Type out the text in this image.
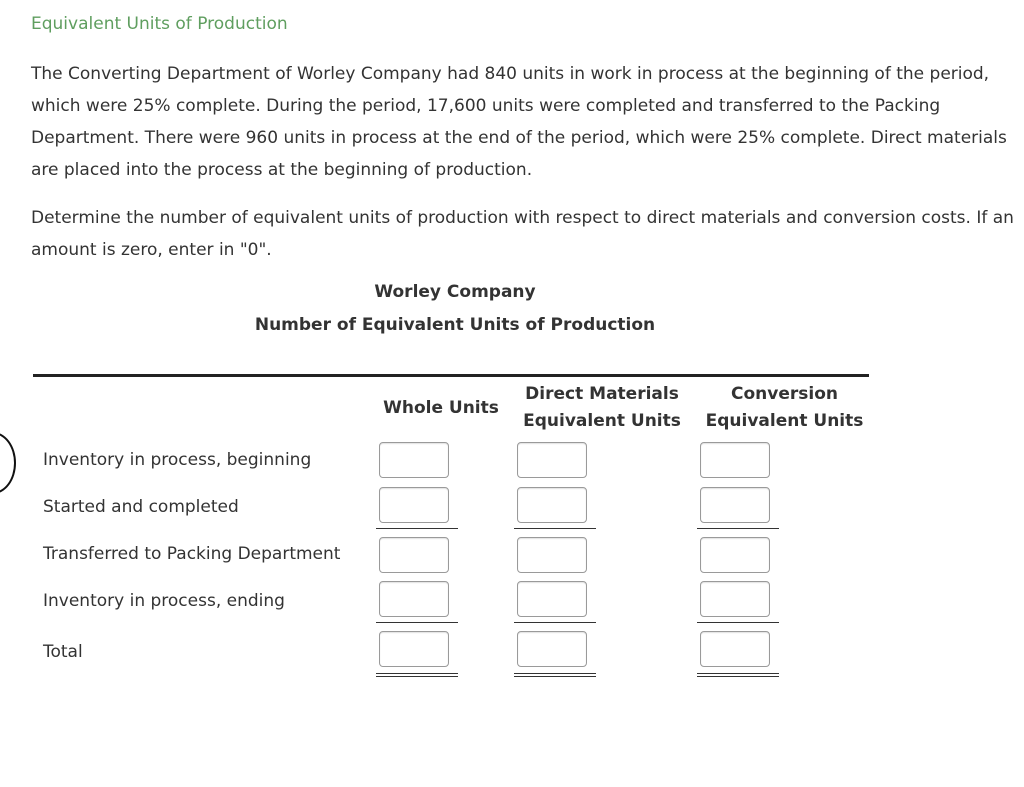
Equivalent Units of Production
The Converting Department of Worley Company had 840 units in work in process at the beginning of the period, which were 25% complete. During the period, 17,600 units were completed and transferred to the Packing Department. There were 960 units in process at the end of the period, which were 25% complete. Direct materials are placed into the process at the beginning of production.
Determine the number of equivalent units of production with respect to direct materials and conversion costs. If an amount is zero, enter in "0".
Worley Company
Number of Equivalent Units of Production
Whole Units
Direct Materials
Equivalent Units
Conversion
Equivalent Units
Inventory in process, beginning
Started and completed
Transferred to Packing Department
Inventory in process, ending
Total
